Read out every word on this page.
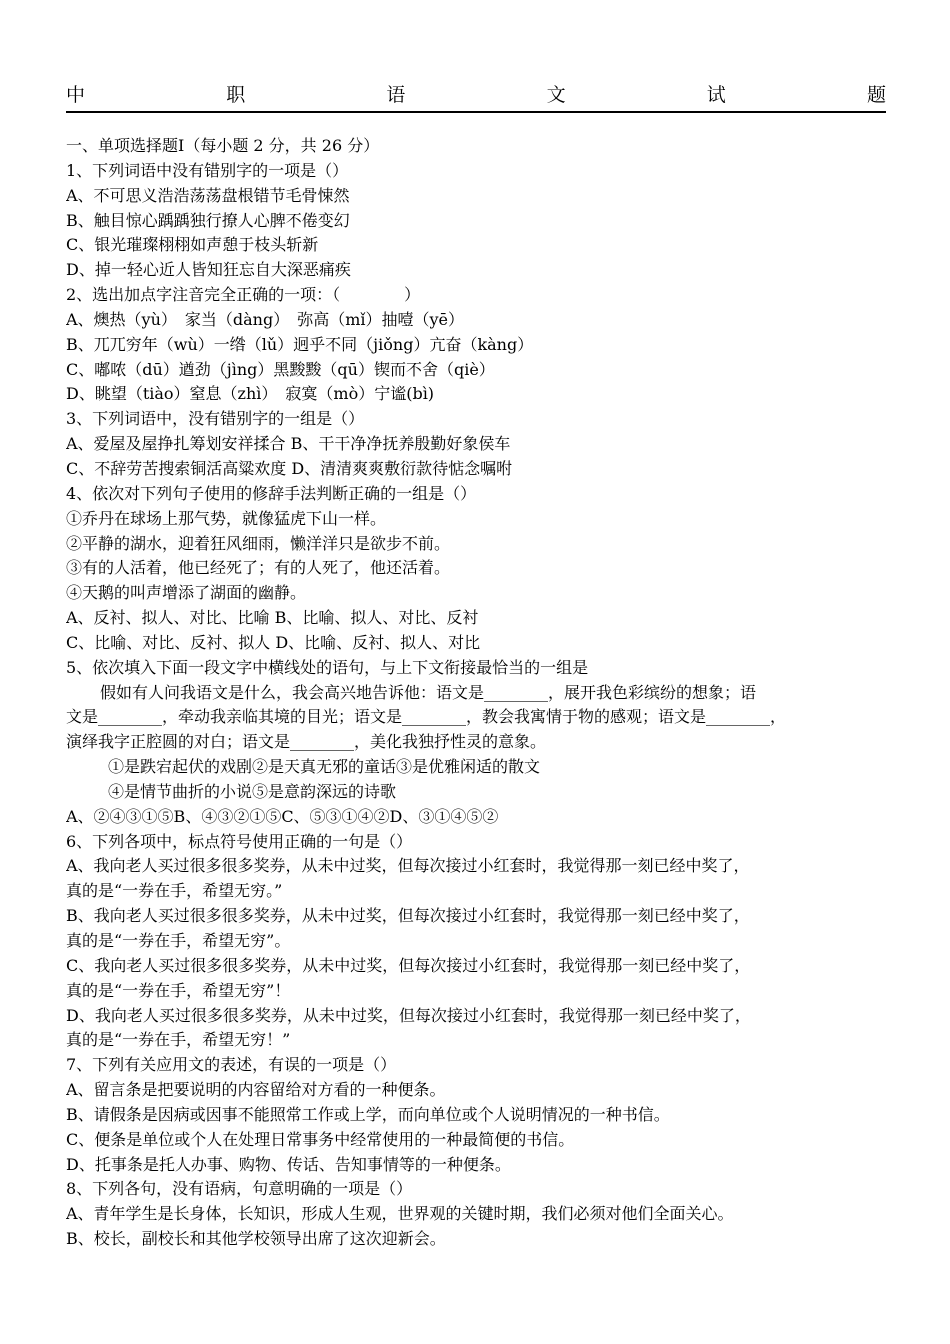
中	职	语	文	试	题
一、单项选择题Ⅰ（每小题 2 分，共 26 分）
1、下列词语中没有错别字的一项是（）
A、不可思义浩浩荡荡盘根错节毛骨悚然
B、触目惊心踽踽独行撩人心脾不倦变幻
C、银光璀璨栩栩如声憩于枝头斩新
D、掉一轻心近人皆知狂忘自大深恶痛疾
2、选出加点字注音完全正确的一项：（　　　　）
A、燠热（yù）　家当（dàng）　弥高（mǐ）抽噎（yē）
B、兀兀穷年（wù）一绺（lǔ）迥乎不同（jiǒng）亢奋（kàng）
C、嘟哝（dū）遒劲（jìng）黑黢黢（qū）锲而不舍（qiè）
D、眺望（tiào）窒息（zhì）　寂寞（mò）宁谧(bì)
3、下列词语中，没有错别字的一组是（）
A、爱屋及屋挣扎筹划安祥揉合 B、干干净净抚养殷勤好象侯车
C、不辞劳苦搜索铜活高粱欢度 D、清清爽爽敷衍款待惦念嘱咐
4、依次对下列句子使用的修辞手法判断正确的一组是（）
①乔丹在球场上那气势，就像猛虎下山一样。
②平静的湖水，迎着狂风细雨，懒洋洋只是欲步不前。
③有的人活着，他已经死了；有的人死了，他还活着。
④天鹅的叫声增添了湖面的幽静。
A、反衬、拟人、对比、比喻 B、比喻、拟人、对比、反衬
C、比喻、对比、反衬、拟人 D、比喻、反衬、拟人、对比
5、依次填入下面一段文字中横线处的语句，与上下文衔接最恰当的一组是
假如有人问我语文是什么，我会高兴地告诉他：语文是________，展开我色彩缤纷的想象；语
文是________，牵动我亲临其境的目光；语文是________，教会我寓情于物的感观；语文是________，
演绎我字正腔圆的对白；语文是________，美化我独抒性灵的意象。
①是跌宕起伏的戏剧②是天真无邪的童话③是优雅闲适的散文
④是情节曲折的小说⑤是意韵深远的诗歌
A、②④③①⑤B、④③②①⑤C、⑤③①④②D、③①④⑤②
6、下列各项中，标点符号使用正确的一句是（）
A、我向老人买过很多很多奖券，从未中过奖，但每次接过小红套时，我觉得那一刻已经中奖了，
真的是“一券在手，希望无穷。”
B、我向老人买过很多很多奖券，从未中过奖，但每次接过小红套时，我觉得那一刻已经中奖了，
真的是“一券在手，希望无穷”。
C、我向老人买过很多很多奖券，从未中过奖，但每次接过小红套时，我觉得那一刻已经中奖了，
真的是“一券在手，希望无穷”！
D、我向老人买过很多很多奖券，从未中过奖，但每次接过小红套时，我觉得那一刻已经中奖了，
真的是“一券在手，希望无穷！”
7、下列有关应用文的表述，有误的一项是（）
A、留言条是把要说明的内容留给对方看的一种便条。
B、请假条是因病或因事不能照常工作或上学，而向单位或个人说明情况的一种书信。
C、便条是单位或个人在处理日常事务中经常使用的一种最简便的书信。
D、托事条是托人办事、购物、传话、告知事情等的一种便条。
8、下列各句，没有语病，句意明确的一项是（）
A、青年学生是长身体，长知识，形成人生观，世界观的关键时期，我们必须对他们全面关心。
B、校长，副校长和其他学校领导出席了这次迎新会。
